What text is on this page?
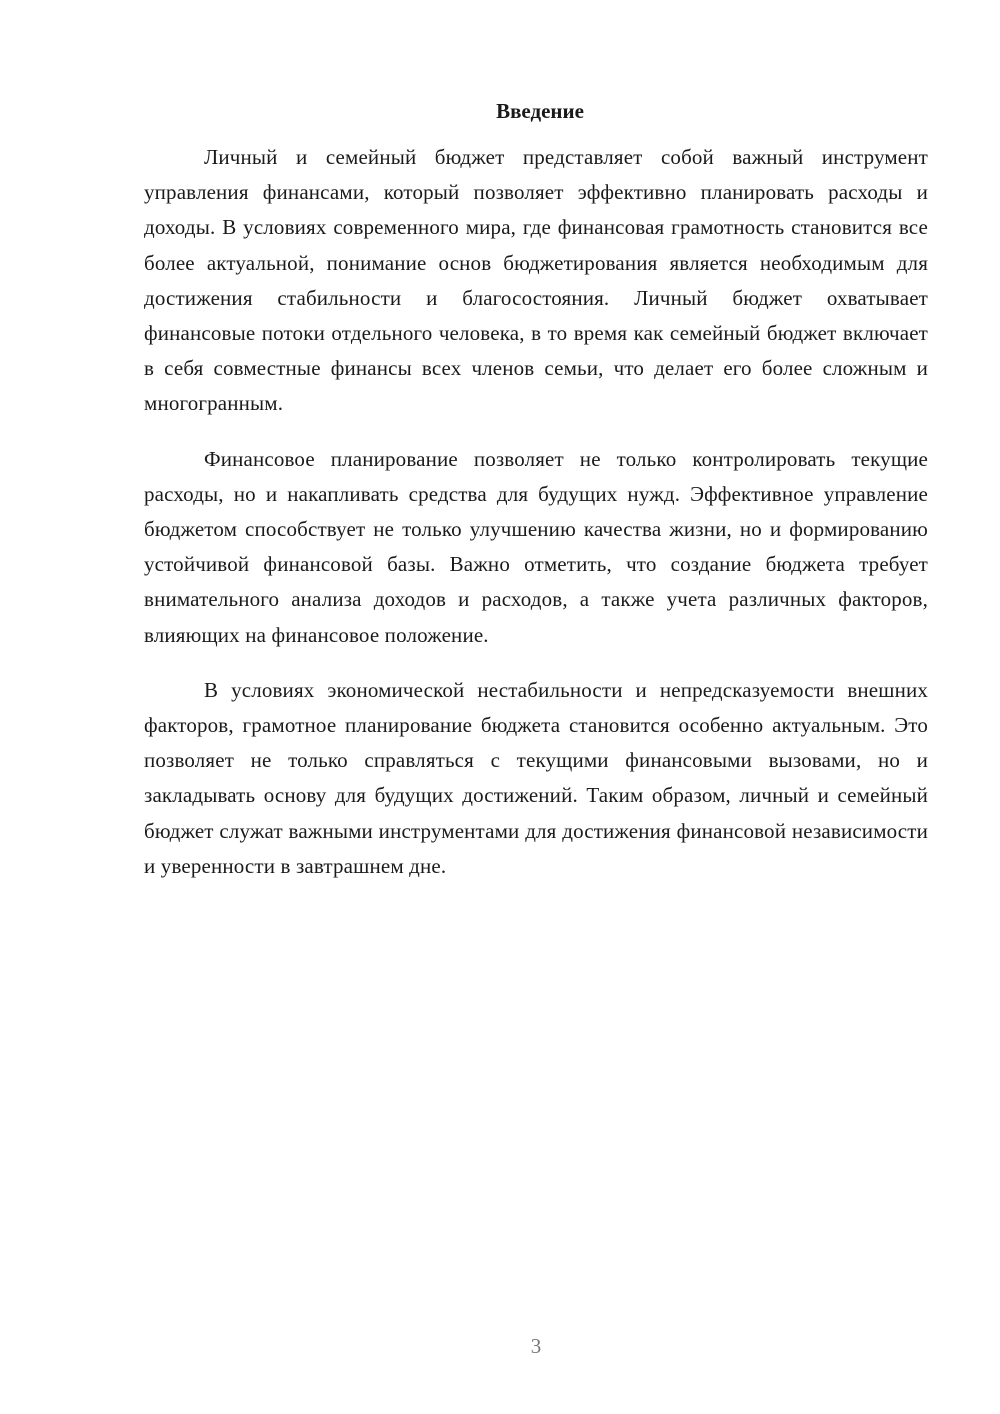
Введение

Личный и семейный бюджет представляет собой важный инструмент управления финансами, который позволяет эффективно планировать расходы и доходы. В условиях современного мира, где финансовая грамотность становится все более актуальной, понимание основ бюджетирования является необходимым для достижения стабильности и благосостояния. Личный бюджет охватывает финансовые потоки отдельного человека, в то время как семейный бюджет включает в себя совместные финансы всех членов семьи, что делает его более сложным и многогранным.

Финансовое планирование позволяет не только контролировать текущие расходы, но и накапливать средства для будущих нужд. Эффективное управление бюджетом способствует не только улучшению качества жизни, но и формированию устойчивой финансовой базы. Важно отметить, что создание бюджета требует внимательного анализа доходов и расходов, а также учета различных факторов, влияющих на финансовое положение.

В условиях экономической нестабильности и непредсказуемости внешних факторов, грамотное планирование бюджета становится особенно актуальным. Это позволяет не только справляться с текущими финансовыми вызовами, но и закладывать основу для будущих достижений. Таким образом, личный и семейный бюджет служат важными инструментами для достижения финансовой независимости и уверенности в завтрашнем дне.

3
